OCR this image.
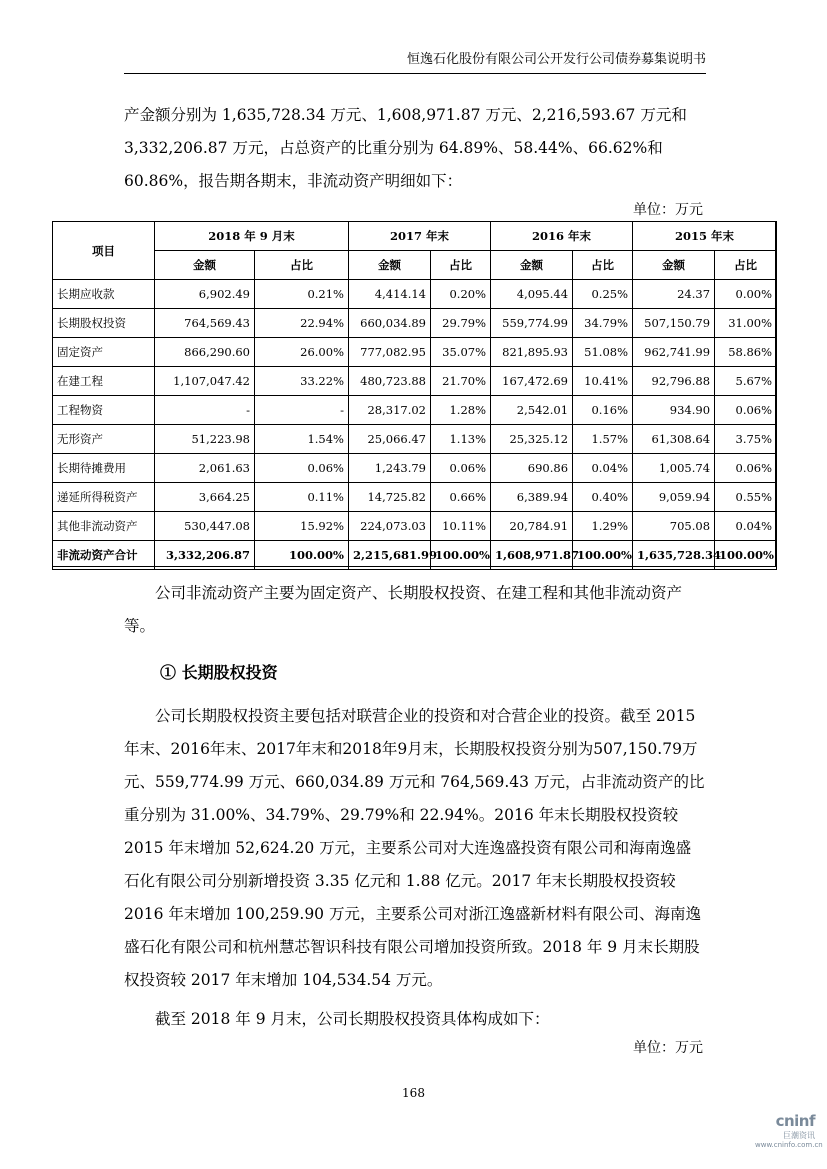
恒逸石化股份有限公司公开发行公司债券募集说明书
产金额分别为 1,635,728.34 万元、1,608,971.87 万元、2,216,593.67 万元和 3,332,206.87 万元，占总资产的比重分别为 64.89%、58.44%、66.62%和 60.86%，报告期各期末，非流动资产明细如下：
单位：万元
项目	2018 年 9 月末		2017 年末		2016 年末		2015 年末	
	金额	占比	金额	占比	金额	占比	金额	占比
长期应收款	6,902.49	0.21%	4,414.14	0.20%	4,095.44	0.25%	24.37	0.00%
长期股权投资	764,569.43	22.94%	660,034.89	29.79%	559,774.99	34.79%	507,150.79	31.00%
固定资产	866,290.60	26.00%	777,082.95	35.07%	821,895.93	51.08%	962,741.99	58.86%
在建工程	1,107,047.42	33.22%	480,723.88	21.70%	167,472.69	10.41%	92,796.88	5.67%
工程物资	-	-	28,317.02	1.28%	2,542.01	0.16%	934.90	0.06%
无形资产	51,223.98	1.54%	25,066.47	1.13%	25,325.12	1.57%	61,308.64	3.75%
长期待摊费用	2,061.63	0.06%	1,243.79	0.06%	690.86	0.04%	1,005.74	0.06%
递延所得税资产	3,664.25	0.11%	14,725.82	0.66%	6,389.94	0.40%	9,059.94	0.55%
其他非流动资产	530,447.08	15.92%	224,073.03	10.11%	20,784.91	1.29%	705.08	0.04%
非流动资产合计	3,332,206.87	100.00%	2,215,681.99	100.00%	1,608,971.87	100.00%	1,635,728.34	100.00%
公司非流动资产主要为固定资产、长期股权投资、在建工程和其他非流动资产等。
① 长期股权投资
公司长期股权投资主要包括对联营企业的投资和对合营企业的投资。截至 2015年末、2016年末、2017年末和2018年9月末，长期股权投资分别为507,150.79万元、559,774.99 万元、660,034.89 万元和 764,569.43 万元，占非流动资产的比重分别为 31.00%、34.79%、29.79%和 22.94%。2016 年末长期股权投资较 2015 年末增加 52,624.20 万元，主要系公司对大连逸盛投资有限公司和海南逸盛石化有限公司分别新增投资 3.35 亿元和 1.88 亿元。2017 年末长期股权投资较 2016 年末增加 100,259.90 万元，主要系公司对浙江逸盛新材料有限公司、海南逸盛石化有限公司和杭州慧芯智识科技有限公司增加投资所致。2018 年 9 月末长期股权投资较 2017 年末增加 104,534.54 万元。
截至 2018 年 9 月末，公司长期股权投资具体构成如下：
单位：万元
168
cninf
巨潮资讯
www.cninfo.com.cn
